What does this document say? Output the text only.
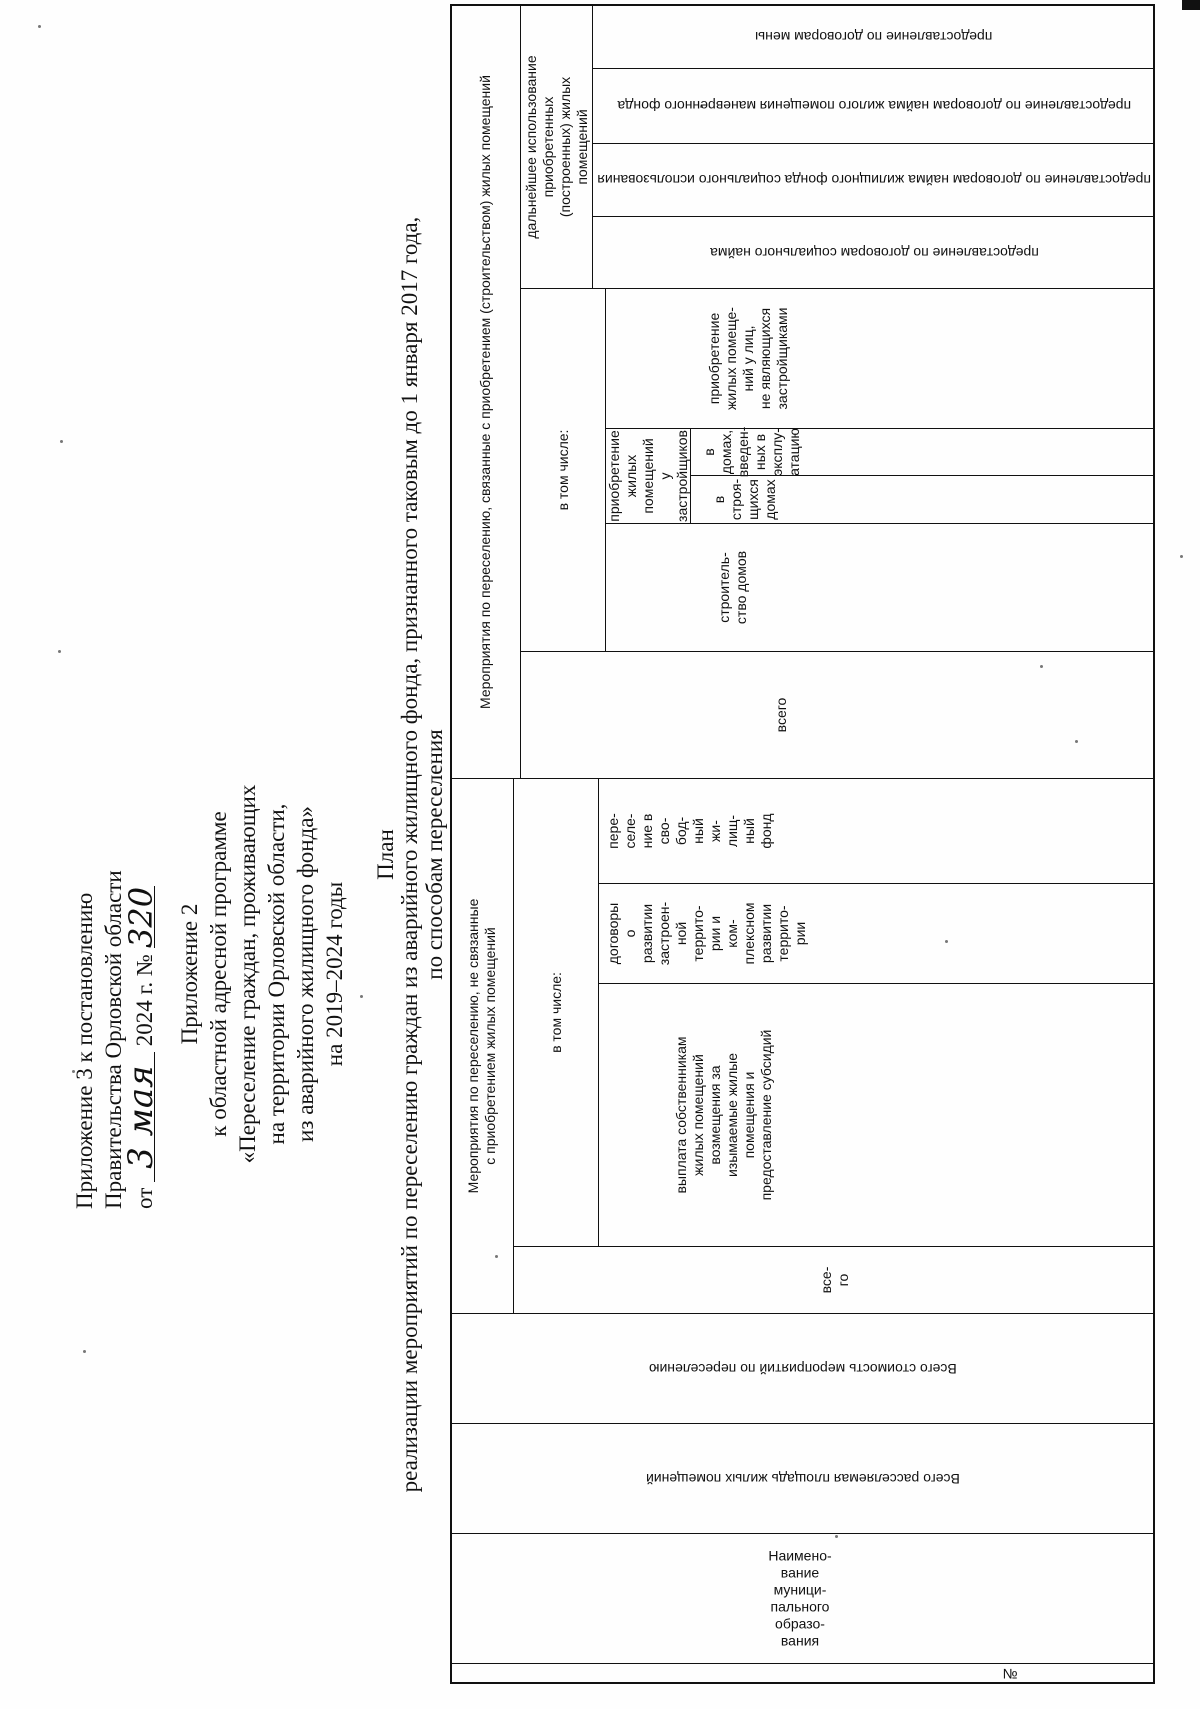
Приложение 3 к постановлению Правительства Орловской области от 3 мая 2024 г. № 320 Приложение 2 к областной адресной программе «Переселение граждан, проживающих на территории Орловской области, из аварийного жилищного фонда» на 2019–2024 годы
План реализации мероприятий по переселению граждан из аварийного жилищного фонда, признанного таковым до 1 января 2017 года, по способам переселения
№
Наимено-
вание
муници-
пального
образо-
вания
Всего расселяемая площадь жилых помещений
Всего стоимость мероприятий по переселению
Мероприятия по переселению, не связанные с приобретением жилых помещений
все- го
в том числе:
выплата собственникам жилых помещений возмещения за изымаемые жилые помещения и предоставление субсидий
договоры о развитии застроен- ной террито- рии и ком- плексном развитии террито- рии
пере- селе- ние в сво- бод- ный жи- лищ- ный фонд
Мероприятия по переселению, связанные с приобретением (строительством) жилых помещений
всего
в том числе:
строитель- ство домов
приобретение жилых помещений у застройщиков в строя- щихся домах
в домах, введен- ных в эксплу- атацию
приобретение жилых помеще- ний у лиц, не являющихся застройщиками
дальнейшее использование приобретенных (построенных) жилых помещений
предоставление по договорам социального найма
предоставление по договорам найма жилищного фонда социального использования
предоставление по договорам найма жилого помещения маневренного фонда
предоставление по договорам мены
